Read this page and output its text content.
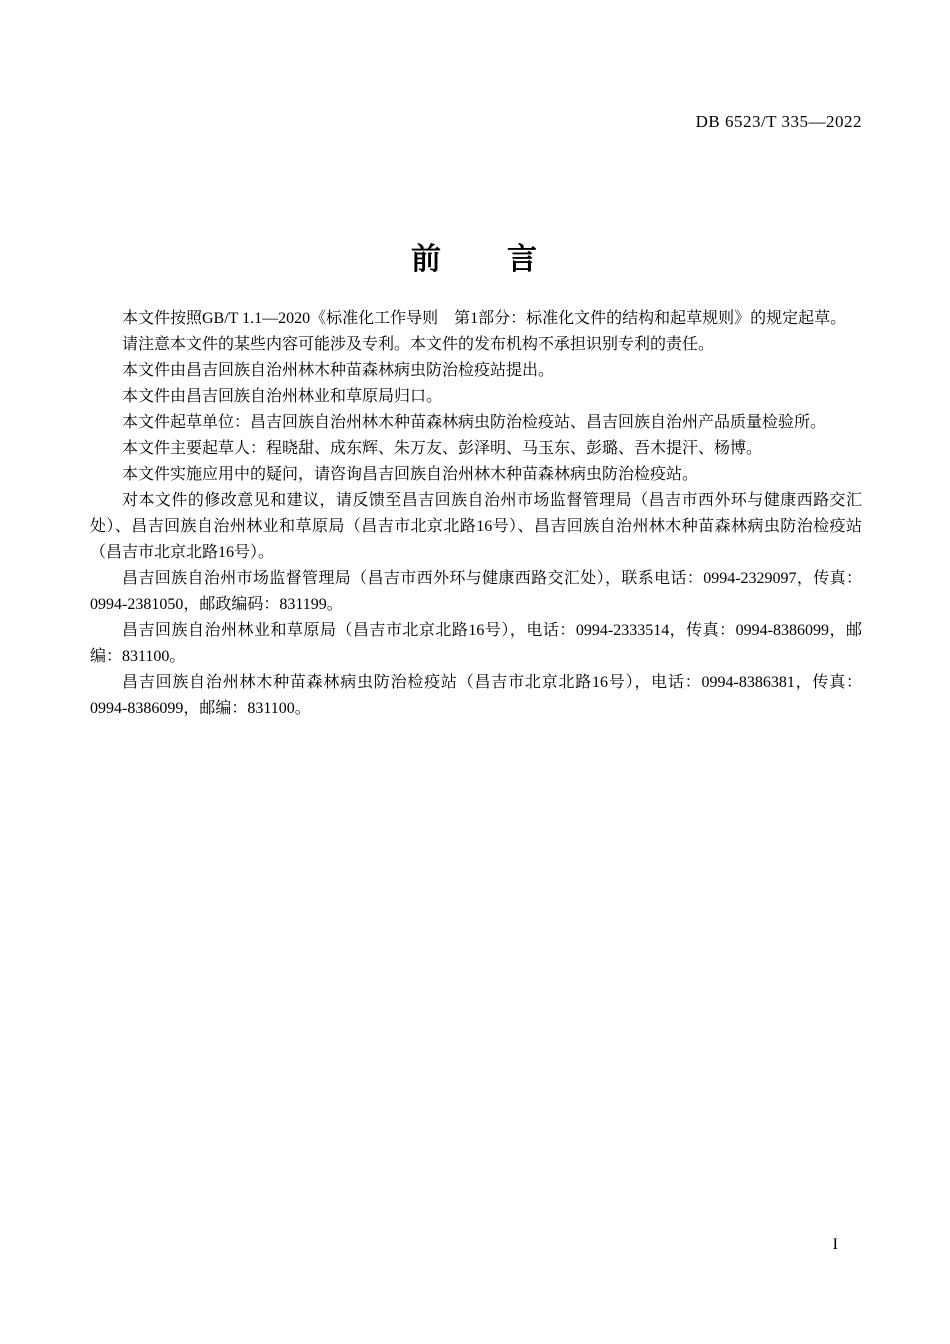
DB 6523/T 335—2022
前　　言

本文件按照GB/T 1.1—2020《标准化工作导则　第1部分：标准化文件的结构和起草规则》的规定起草。

请注意本文件的某些内容可能涉及专利。本文件的发布机构不承担识别专利的责任。

本文件由昌吉回族自治州林木种苗森林病虫防治检疫站提出。

本文件由昌吉回族自治州林业和草原局归口。

本文件起草单位：昌吉回族自治州林木种苗森林病虫防治检疫站、昌吉回族自治州产品质量检验所。

本文件主要起草人：程晓甜、成东辉、朱万友、彭泽明、马玉东、彭璐、吾木提汗、杨博。

本文件实施应用中的疑问，请咨询昌吉回族自治州林木种苗森林病虫防治检疫站。

对本文件的修改意见和建议，请反馈至昌吉回族自治州市场监督管理局（昌吉市西外环与健康西路交汇处）、昌吉回族自治州林业和草原局（昌吉市北京北路16号）、昌吉回族自治州林木种苗森林病虫防治检疫站（昌吉市北京北路16号）。

昌吉回族自治州市场监督管理局（昌吉市西外环与健康西路交汇处），联系电话：0994-2329097，传真：0994-2381050，邮政编码：831199。

昌吉回族自治州林业和草原局（昌吉市北京北路16号），电话：0994-2333514，传真：0994-8386099，邮编：831100。

昌吉回族自治州林木种苗森林病虫防治检疫站（昌吉市北京北路16号），电话：0994-8386381，传真：0994-8386099，邮编：831100。

I
